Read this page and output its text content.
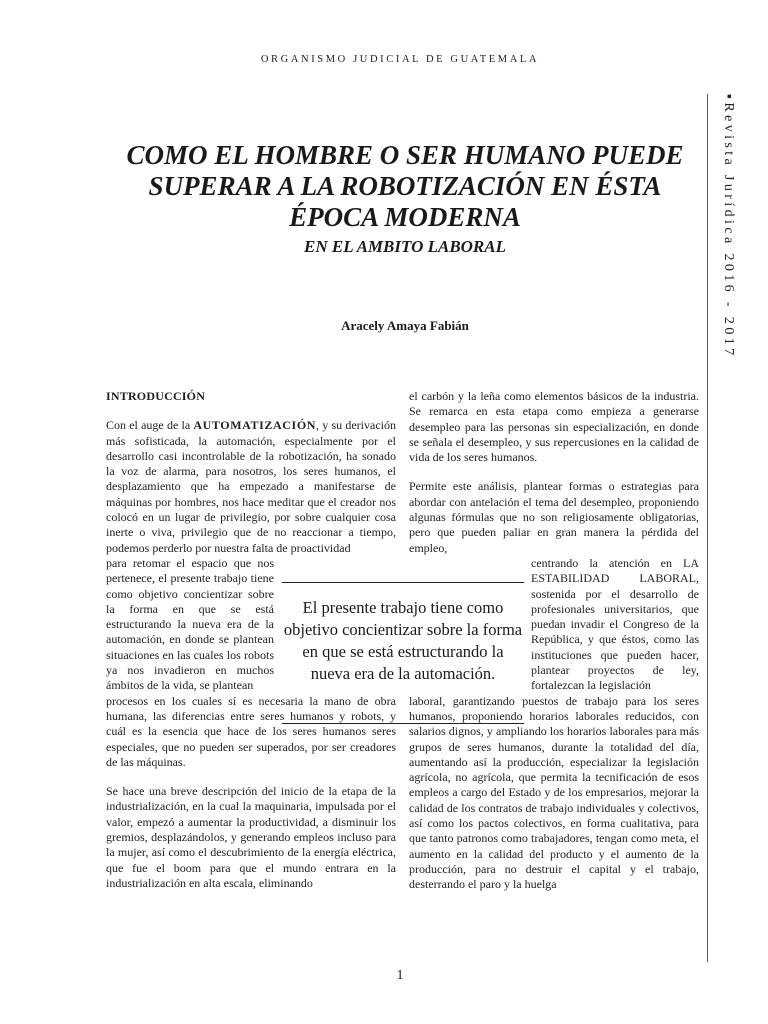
ORGANISMO JUDICIAL DE GUATEMALA
▪Revista Jurídica 2016 - 2017
COMO EL HOMBRE O SER HUMANO PUEDE SUPERAR A LA ROBOTIZACIÓN EN ÉSTA ÉPOCA MODERNA
EN EL AMBITO LABORAL
Aracely Amaya Fabián
INTRODUCCIÓN

Con el auge de la AUTOMATIZACIÓN, y su derivación más sofisticada, la automación, especialmente por el desarrollo casi incontrolable de la robotización, ha sonado la voz de alarma, para nosotros, los seres humanos, el desplazamiento que ha empezado a manifestarse de máquinas por hombres, nos hace meditar que el creador nos colocó en un lugar de privilegio, por sobre cualquier cosa inerte o viva, privilegio que de no reaccionar a tiempo, podemos perderlo por nuestra falta de proactividad

para retomar el espacio que nos pertenece, el presente trabajo tiene como objetivo concientizar sobre la forma en que se está estructurando la nueva era de la automación, en donde se plantean situaciones en las cuales los robots ya nos invadieron en muchos ámbitos de la vida, se plantean

procesos en los cuales sí es necesaria la mano de obra humana, las diferencias entre seres humanos y robots, y cuál es la esencia que hace de los seres humanos seres especiales, que no pueden ser superados, por ser creadores de las máquinas.

Se hace una breve descripción del inicio de la etapa de la industrialización, en la cual la maquinaria, impulsada por el valor, empezó a aumentar la productividad, a disminuir los gremios, desplazándolos, y generando empleos incluso para la mujer, así como el descubrimiento de la energía eléctrica, que fue el boom para que el mundo entrara en la industrialización en alta escala, eliminando

el carbón y la leña como elementos básicos de la industria. Se remarca en esta etapa como empieza a generarse desempleo para las personas sin especialización, en donde se señala el desempleo, y sus repercusiones en la calidad de vida de los seres humanos.

Permite este análisis, plantear formas o estrategias para abordar con antelación el tema del desempleo, proponiendo algunas fórmulas que no son religiosamente obligatorias, pero que pueden paliar en gran manera la pérdida del empleo,

centrando la atención en LA ESTABILIDAD LABORAL, sostenida por el desarrollo de profesionales universitarios, que puedan invadir el Congreso de la República, y que éstos, como las instituciones que pueden hacer, plantear proyectos de ley, fortalezcan la legislación

laboral, garantizando puestos de trabajo para los seres humanos, proponiendo horarios laborales reducidos, con salarios dignos, y ampliando los horarios laborales para más grupos de seres humanos, durante la totalidad del día, aumentando así la producción, especializar la legislación agrícola, no agrícola, que permita la tecnificación de esos empleos a cargo del Estado y de los empresarios, mejorar la calidad de los contratos de trabajo individuales y colectivos, así como los pactos colectivos, en forma cualitativa, para que tanto patronos como trabajadores, tengan como meta, el aumento en la calidad del producto y el aumento de la producción, para no destruir el capital y el trabajo, desterrando el paro y la huelga

El presente trabajo tiene como objetivo concientizar sobre la forma en que se está estructurando la nueva era de la automación.
1
